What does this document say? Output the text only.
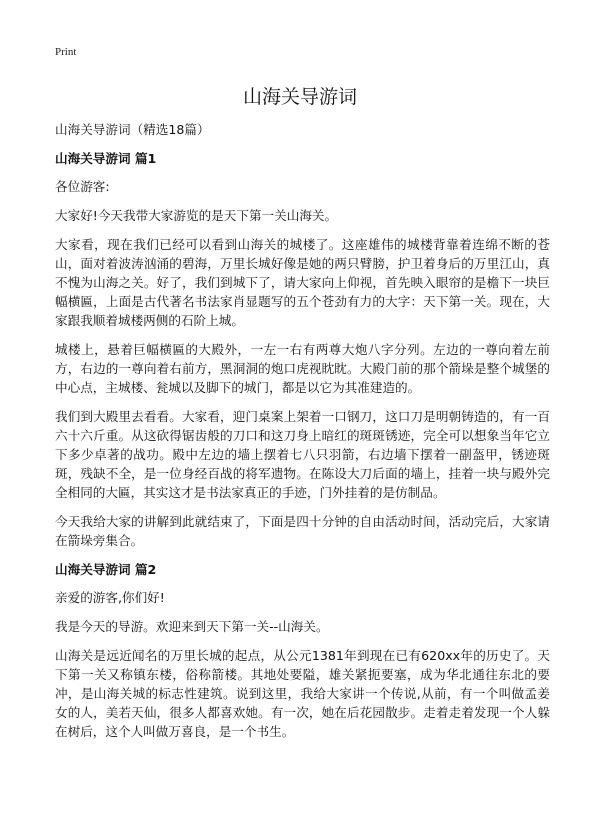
Print
山海关导游词

山海关导游词（精选18篇）

山海关导游词 篇1

各位游客:

大家好!今天我带大家游览的是天下第一关山海关。

大家看，现在我们已经可以看到山海关的城楼了。这座雄伟的城楼背靠着连绵不断的苍山，面对着波涛汹涌的碧海，万里长城好像是她的两只臂膀，护卫着身后的万里江山，真不愧为山海之关。好了，我们到城下了，请大家向上仰视，首先映入眼帘的是檐下一块巨幅横匾，上面是古代著名书法家肖显题写的五个苍劲有力的大字：天下第一关。现在，大家跟我顺着城楼两侧的石阶上城。

城楼上，悬着巨幅横匾的大殿外，一左一右有两尊大炮八字分列。左边的一尊向着左前方，右边的一尊向着右前方，黑洞洞的炮口虎视眈眈。大殿门前的那个箭垛是整个城堡的中心点，主城楼、瓮城以及脚下的城门，都是以它为其准建造的。

我们到大殿里去看看。大家看，迎门桌案上架着一口钢刀，这口刀是明朝铸造的，有一百六十六斤重。从这砍得锯齿般的刀口和这刀身上暗红的斑斑锈迹，完全可以想象当年它立下多少卓著的战功。殿中左边的墙上摆着七八只羽箭，右边墙下摆着一副盔甲，锈迹斑斑，残缺不全，是一位身经百战的将军遗物。在陈设大刀后面的墙上，挂着一块与殿外完全相同的大匾，其实这才是书法家真正的手迹，门外挂着的是仿制品。

今天我给大家的讲解到此就结束了，下面是四十分钟的自由活动时间，活动完后，大家请在箭垛旁集合。

山海关导游词 篇2

亲爱的游客,你们好!

我是今天的导游。欢迎来到天下第一关--山海关。

山海关是远近闻名的万里长城的起点，从公元1381年到现在已有620xx年的历史了。天下第一关又称镇东楼，俗称箭楼。其地处要隘，雄关紧扼要塞，成为华北通往东北的要冲，是山海关城的标志性建筑。说到这里，我给大家讲一个传说,从前，有一个叫做孟姜女的人，美若天仙，很多人都喜欢她。有一次，她在后花园散步。走着走着发现一个人躲在树后，这个人叫做万喜良，是一个书生。
